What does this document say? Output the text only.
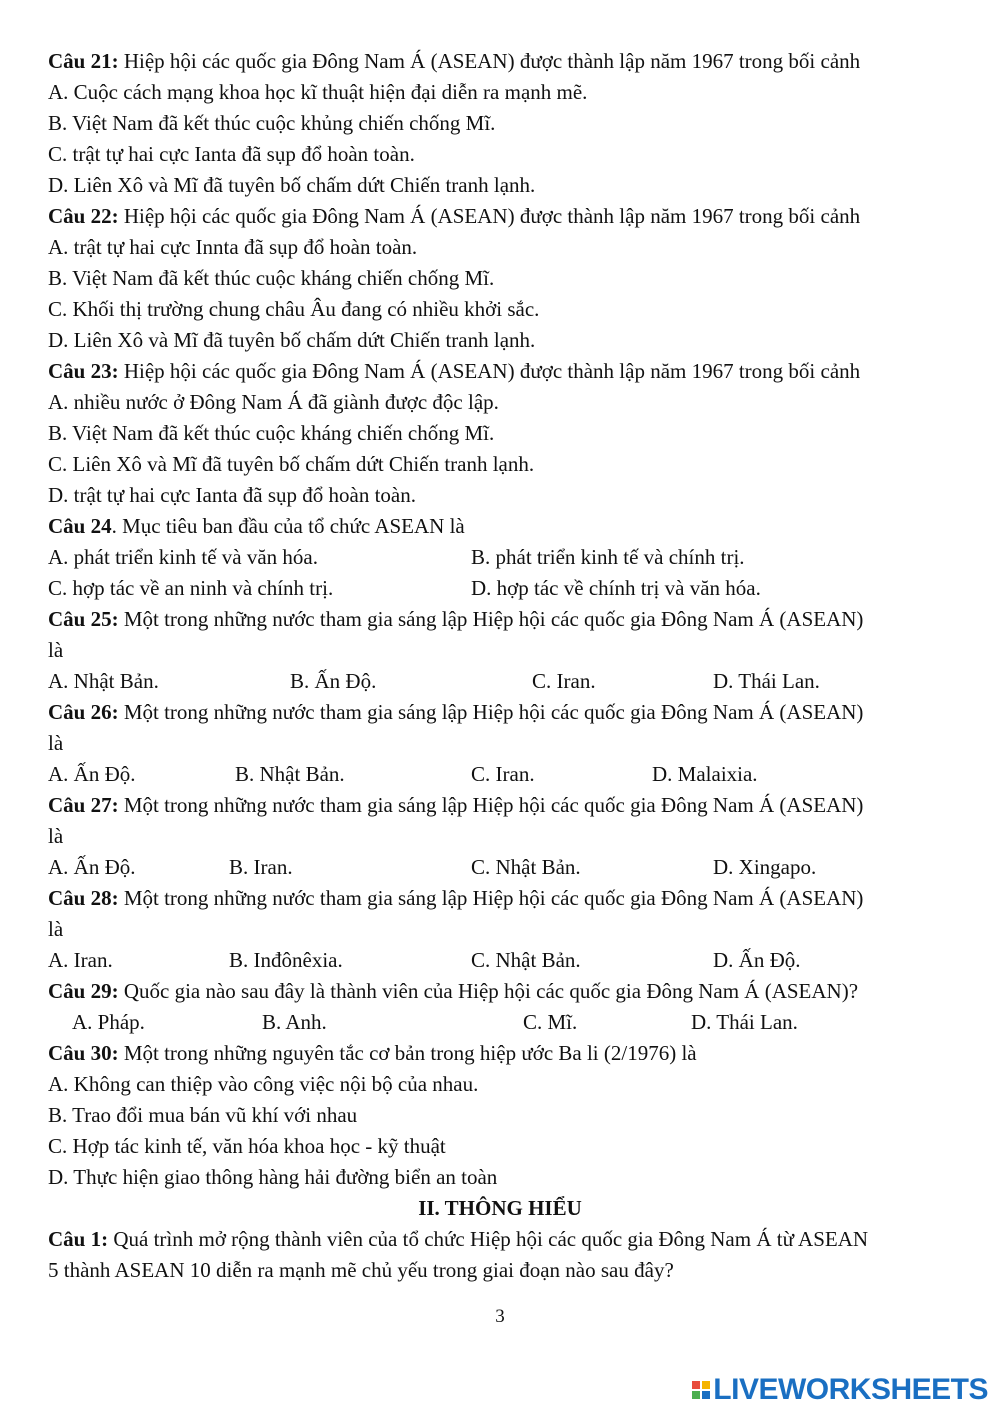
Câu 21: Hiệp hội các quốc gia Đông Nam Á (ASEAN) được thành lập năm 1967 trong bối cảnh
A. Cuộc cách mạng khoa học kĩ thuật hiện đại diễn ra mạnh mẽ.
B. Việt Nam đã kết thúc cuộc khủng chiến chống Mĩ.
C. trật tự hai cực Ianta đã sụp đổ hoàn toàn.
D. Liên Xô và Mĩ đã tuyên bố chấm dứt Chiến tranh lạnh.
Câu 22: Hiệp hội các quốc gia Đông Nam Á (ASEAN) được thành lập năm 1967 trong bối cảnh
A. trật tự hai cực Innta đã sụp đổ hoàn toàn.
B. Việt Nam đã kết thúc cuộc kháng chiến chống Mĩ.
C. Khối thị trường chung châu Âu đang có nhiều khởi sắc.
D. Liên Xô và Mĩ đã tuyên bố chấm dứt Chiến tranh lạnh.
Câu 23: Hiệp hội các quốc gia Đông Nam Á (ASEAN) được thành lập năm 1967 trong bối cảnh
A. nhiều nước ở Đông Nam Á đã giành được độc lập.
B. Việt Nam đã kết thúc cuộc kháng chiến chống Mĩ.
C. Liên Xô và Mĩ đã tuyên bố chấm dứt Chiến tranh lạnh.
D. trật tự hai cực Ianta đã sụp đổ hoàn toàn.
Câu 24. Mục tiêu ban đầu của tổ chức ASEAN là
A. phát triển kinh tế và văn hóa.	B. phát triển kinh tế và chính trị.
C. hợp tác về an ninh và chính trị.	D. hợp tác về chính trị và văn hóa.
Câu 25: Một trong những nước tham gia sáng lập Hiệp hội các quốc gia Đông Nam Á (ASEAN)
là
A. Nhật Bản.	B. Ấn Độ.	C. Iran.	D. Thái Lan.
Câu 26: Một trong những nước tham gia sáng lập Hiệp hội các quốc gia Đông Nam Á (ASEAN)
là
A. Ấn Độ.	B. Nhật Bản.	C. Iran.	D. Malaixia.
Câu 27: Một trong những nước tham gia sáng lập Hiệp hội các quốc gia Đông Nam Á (ASEAN)
là
A. Ấn Độ.	B. Iran.	C. Nhật Bản.	D. Xingapo.
Câu 28: Một trong những nước tham gia sáng lập Hiệp hội các quốc gia Đông Nam Á (ASEAN)
là
A. Iran.	B. Inđônêxia.	C. Nhật Bản.	D. Ấn Độ.
Câu 29: Quốc gia nào sau đây là thành viên của Hiệp hội các quốc gia Đông Nam Á (ASEAN)?
A. Pháp.	B. Anh.	C. Mĩ.	D. Thái Lan.
Câu 30: Một trong những nguyên tắc cơ bản trong hiệp ước Ba li (2/1976) là
A. Không can thiệp vào công việc nội bộ của nhau.
B. Trao đổi mua bán vũ khí với nhau
C. Hợp tác kinh tế, văn hóa khoa học - kỹ thuật
D. Thực hiện giao thông hàng hải đường biển an toàn
II. THÔNG HIỂU
Câu 1: Quá trình mở rộng thành viên của tổ chức Hiệp hội các quốc gia Đông Nam Á từ ASEAN
5 thành ASEAN 10 diễn ra mạnh mẽ chủ yếu trong giai đoạn nào sau đây?
3
LIVEWORKSHEETS
